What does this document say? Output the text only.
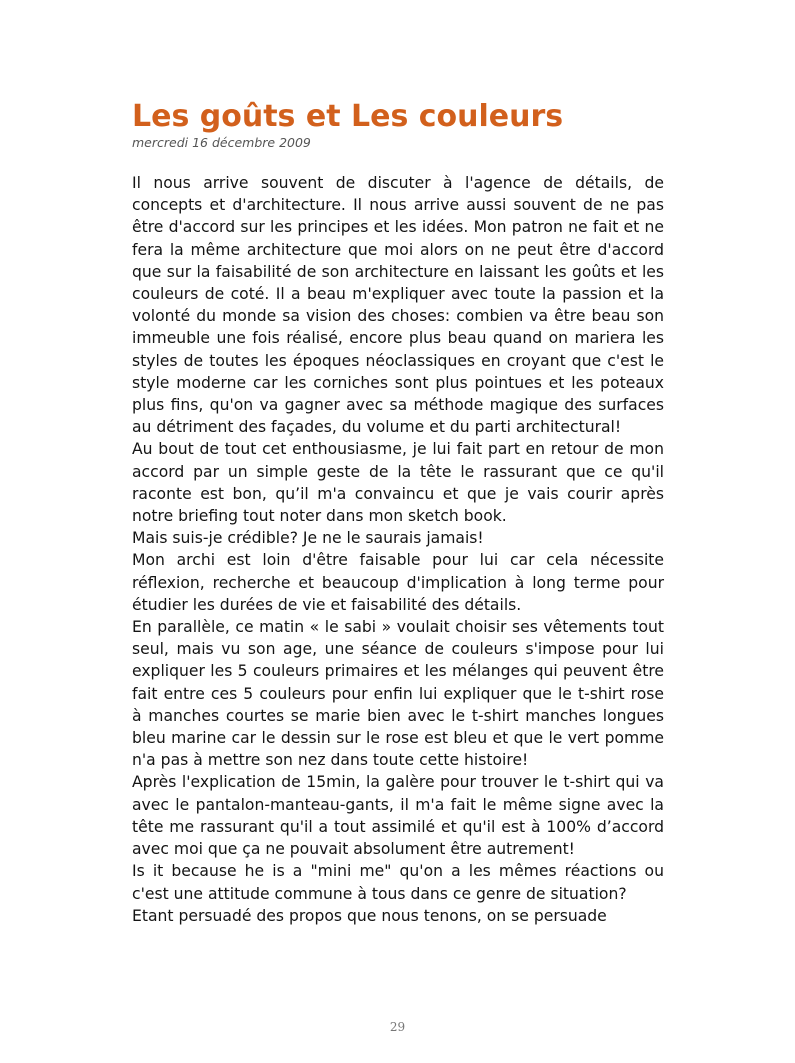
Les goûts et Les couleurs
mercredi 16 décembre 2009

Il nous arrive souvent de discuter à l'agence de détails, de concepts et d'architecture. Il nous arrive aussi souvent de ne pas être d'accord sur les principes et les idées. Mon patron ne fait et ne fera la même architecture que moi alors on ne peut être d'accord que sur la faisabilité de son architecture en laissant les goûts et les couleurs de coté. Il a beau m'expliquer avec toute la passion et la volonté du monde sa vision des choses: combien va être beau son immeuble une fois réalisé, encore plus beau quand on mariera les styles de toutes les époques néoclassiques en croyant que c'est le style moderne car les corniches sont plus pointues et les poteaux plus fins, qu'on va gagner avec sa méthode magique des surfaces au détriment des façades, du volume et du parti architectural!

Au bout de tout cet enthousiasme, je lui fait part en retour de mon accord par un simple geste de la tête le rassurant que ce qu'il raconte est bon, qu’il m'a convaincu et que je vais courir après notre briefing tout noter dans mon sketch book.

Mais suis-je crédible? Je ne le saurais jamais!

Mon archi est loin d'être faisable pour lui car cela nécessite réflexion, recherche et beaucoup d'implication à long terme pour étudier les durées de vie et faisabilité des détails.

En parallèle, ce matin « le sabi » voulait choisir ses vêtements tout seul, mais vu son age, une séance de couleurs s'impose pour lui expliquer les 5 couleurs primaires et les mélanges qui peuvent être fait entre ces 5 couleurs pour enfin lui expliquer que le t-shirt rose à manches courtes se marie bien avec le t-shirt manches longues bleu marine car le dessin sur le rose est bleu et que le vert pomme n'a pas à mettre son nez dans toute cette histoire!

Après l'explication de 15min, la galère pour trouver le t-shirt qui va avec le pantalon-manteau-gants, il m'a fait le même signe avec la tête me rassurant qu'il a tout assimilé et qu'il est à 100% d’accord avec moi que ça ne pouvait absolument être autrement!

Is it because he is a "mini me" qu'on a les mêmes réactions ou c'est une attitude commune à tous dans ce genre de situation?

Etant persuadé des propos que nous tenons, on se persuade

29
